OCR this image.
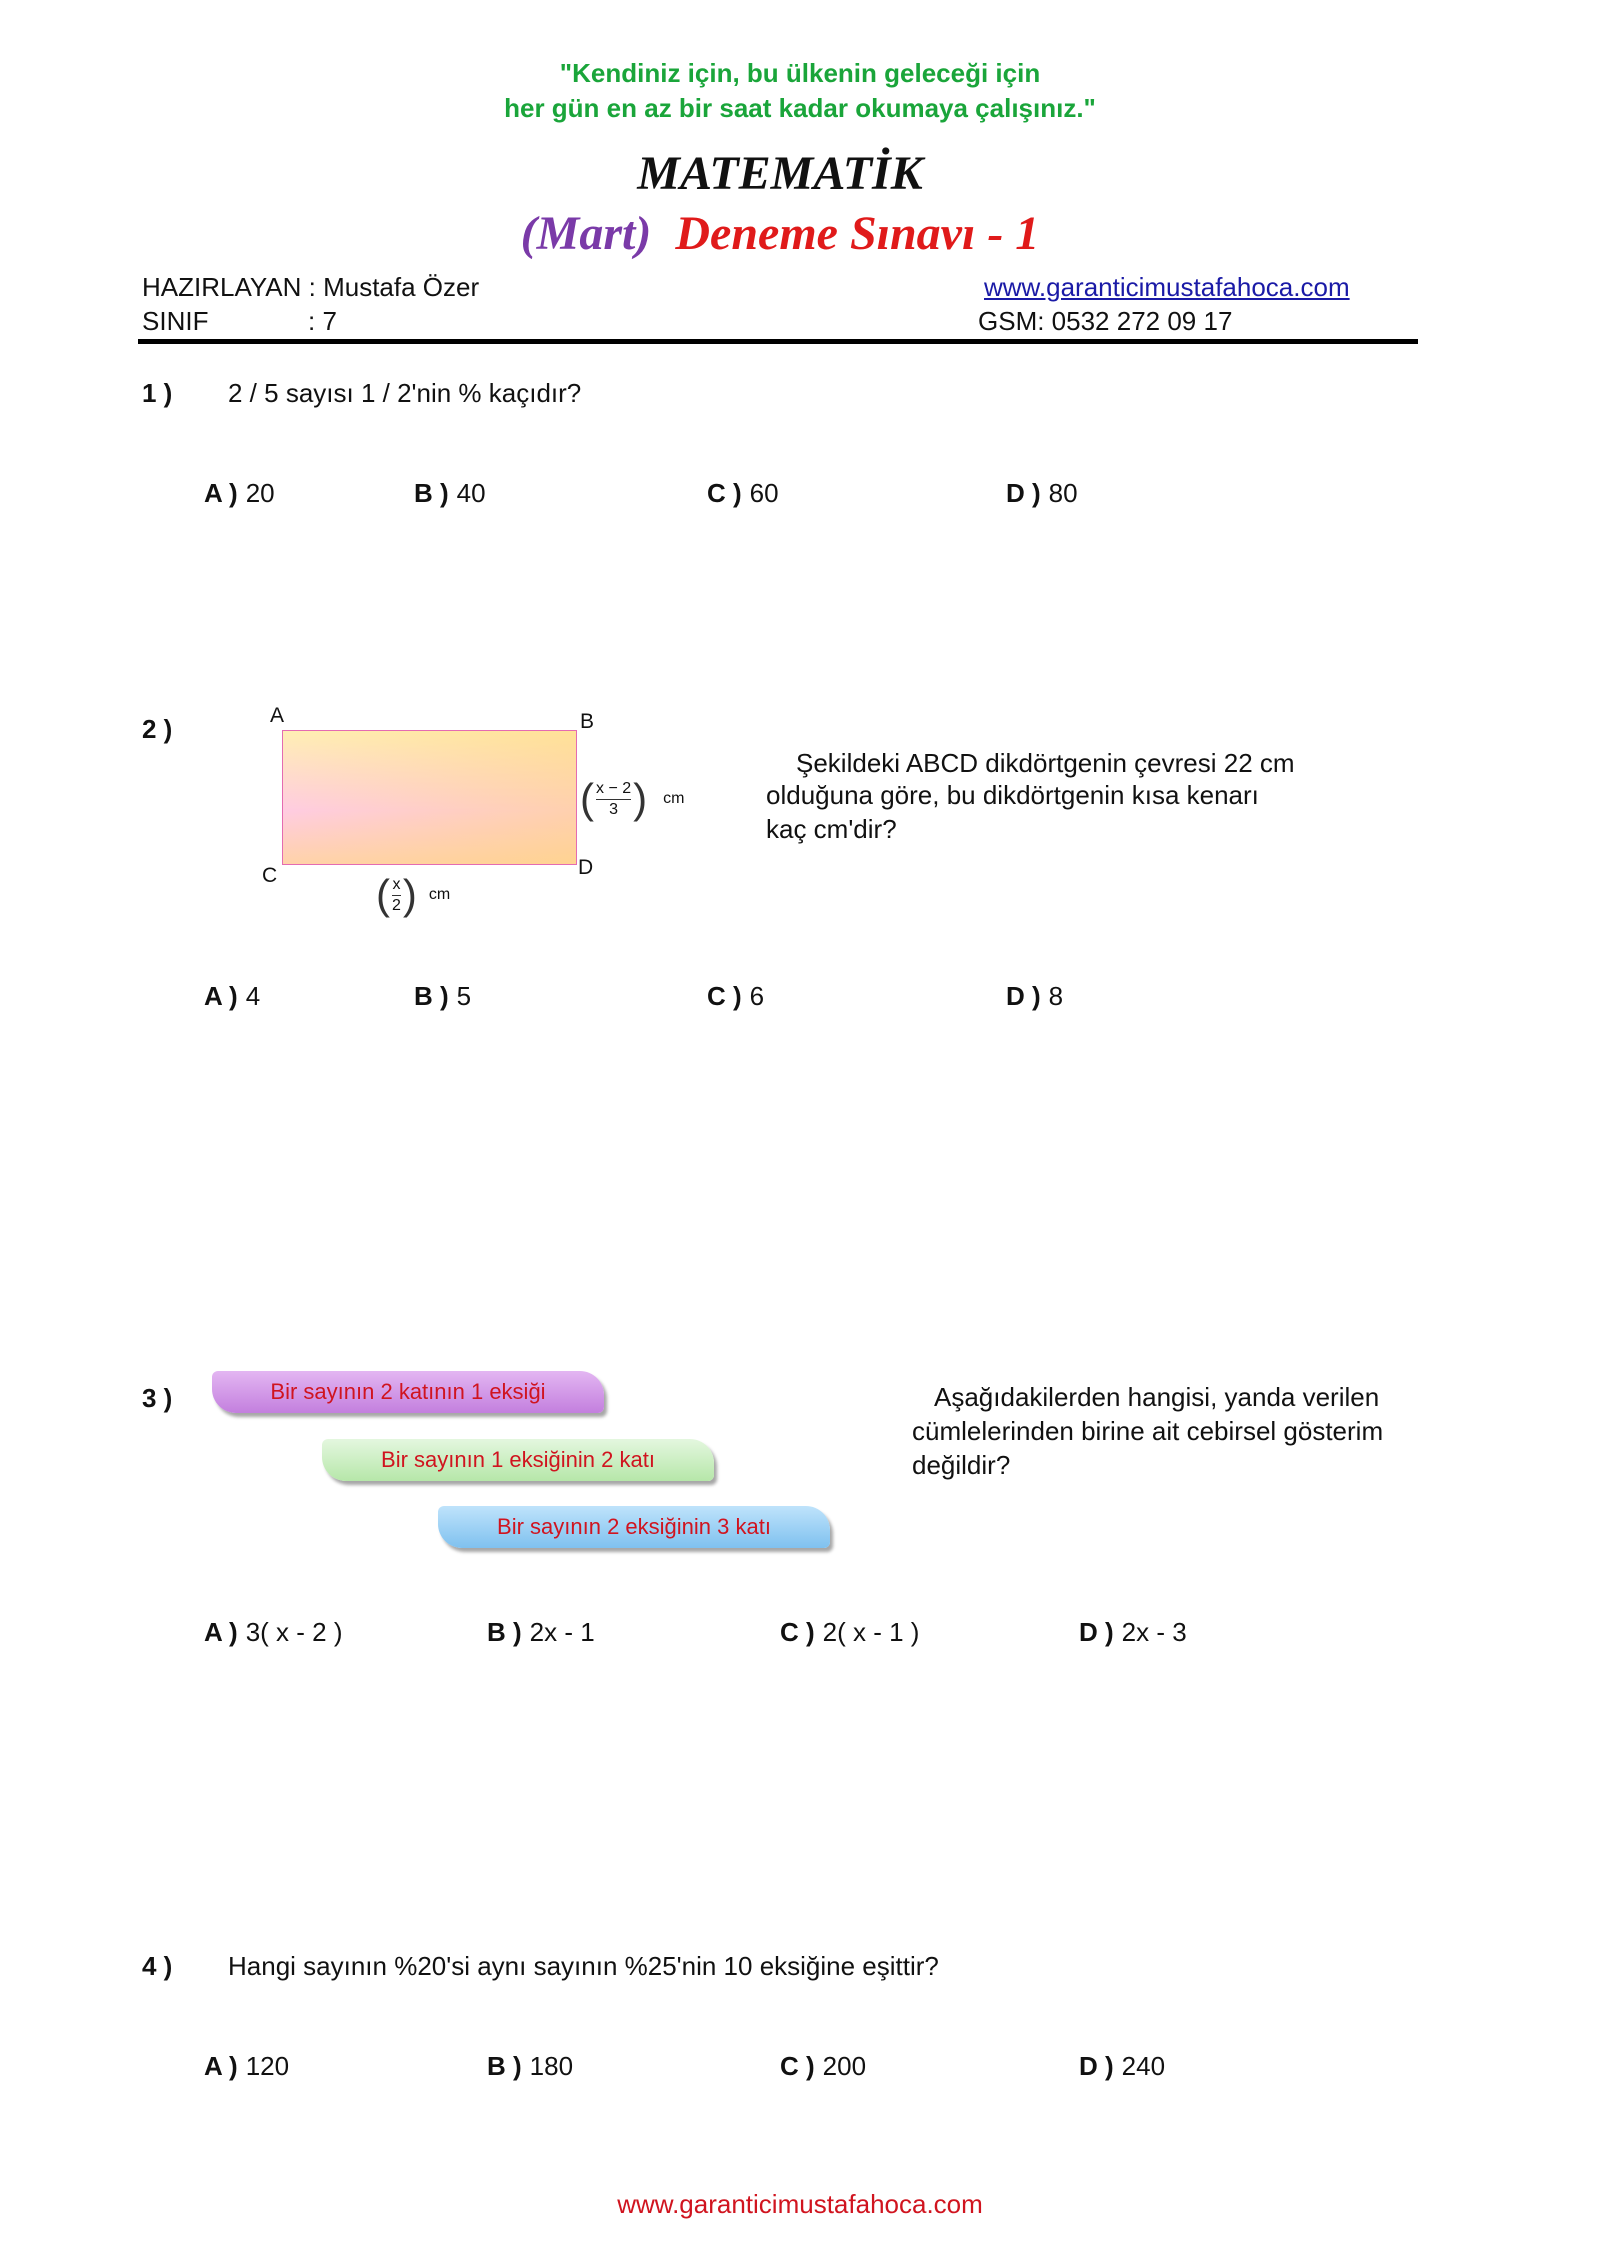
"Kendiniz için, bu ülkenin geleceği için
her gün en az bir saat kadar okumaya çalışınız."
MATEMATİK
(Mart) Deneme Sınavı - 1
HAZIRLAYAN : Mustafa Özer
SINIF	: 7
www.garanticimustafahoca.com
GSM: 0532 272 09 17
1 ) 2 / 5 sayısı 1 / 2'nin % kaçıdır?
A ) 20	B ) 40	C ) 60	D ) 80
2 )	A	B
C	D
( $\frac{x - 2}{3}$ ) cm
( $\frac{x}{2}$ ) cm
Şekildeki ABCD dikdörtgenin çevresi 22 cm
olduğuna göre, bu dikdörtgenin kısa kenarı
kaç cm'dir?
A ) 4	B ) 5	C ) 6	D ) 8
3 )	Bir sayının 2 katının 1 eksiği
Bir sayının 1 eksiğinin 2 katı
Bir sayının 2 eksiğinin 3 katı
Aşağıdakilerden hangisi, yanda verilen
cümlelerinden birine ait cebirsel gösterim
değildir?
A ) 3( x - 2 )	B ) 2x - 1	C ) 2( x - 1 )	D ) 2x - 3
4 ) Hangi sayının %20'si aynı sayının %25'nin 10 eksiğine eşittir?
A ) 120	B ) 180	C ) 200	D ) 240
www.garanticimustafahoca.com
